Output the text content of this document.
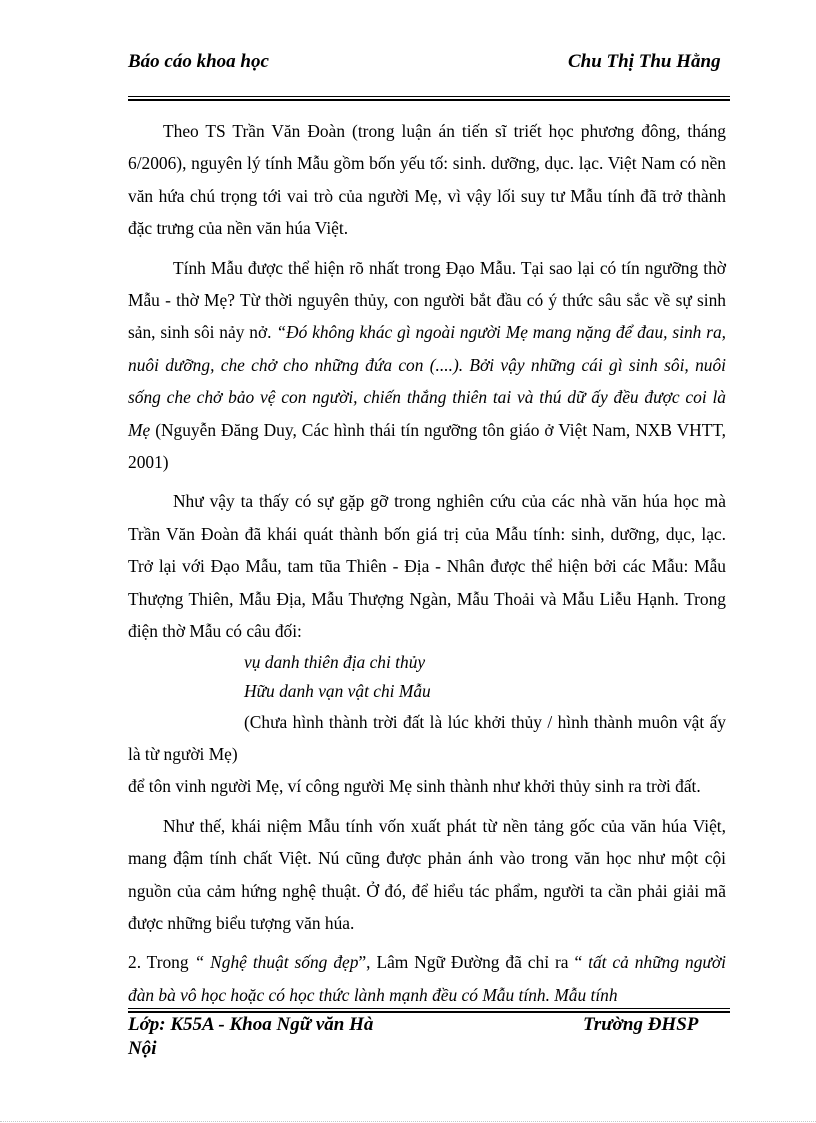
Báo cáo khoa học	Chu Thị Thu Hằng

Theo TS Trần Văn Đoàn (trong luận án tiến sĩ triết học phương đông, tháng 6/2006), nguyên lý tính Mẫu gồm bốn yếu tố: sinh. dưỡng, dục. lạc. Việt Nam có nền văn hứa chú trọng tới vai trò của người Mẹ, vì vậy lối suy tư Mẫu tính đã trở thành đặc trưng của nền văn húa Việt.

Tính Mẫu được thể hiện rõ nhất trong Đạo Mẫu. Tại sao lại có tín ngưỡng thờ Mẫu - thờ Mẹ? Từ thời nguyên thủy, con người bắt đầu có ý thức sâu sắc về sự sinh sản, sinh sôi nảy nở. “Đó không khác gì ngoài người Mẹ mang nặng để đau, sinh ra, nuôi dưỡng, che chở cho những đứa con (....). Bởi vậy những cái gì sinh sôi, nuôi sống che chở bảo vệ con người, chiến thắng thiên tai và thú dữ ấy đều được coi là Mẹ (Nguyễn Đăng Duy, Các hình thái tín ngưỡng tôn giáo ở Việt Nam, NXB VHTT, 2001)

Như vậy ta thấy có sự gặp gỡ trong nghiên cứu của các nhà văn húa học mà Trần Văn Đoàn đã khái quát thành bốn giá trị của Mẫu tính: sinh, dưỡng, dục, lạc. Trở lại với Đạo Mẫu, tam tũa Thiên - Địa - Nhân được thể hiện bởi các Mẫu: Mẫu Thượng Thiên, Mẫu Địa, Mẫu Thượng Ngàn, Mẫu Thoải và Mẫu Liễu Hạnh. Trong điện thờ Mẫu có câu đối:

vụ danh thiên địa chi thủy

Hữu danh vạn vật chi Mẫu

(Chưa hình thành trời đất là lúc khởi thủy / hình thành muôn vật ấy là từ người Mẹ)

để tôn vinh người Mẹ, ví công người Mẹ sinh thành như khởi thủy sinh ra trời đất.

Như thế, khái niệm Mẫu tính vốn xuất phát từ nền tảng gốc của văn húa Việt, mang đậm tính chất Việt. Nú cũng được phản ánh vào trong văn học như một cội nguồn của cảm hứng nghệ thuật. Ở đó, để hiểu tác phẩm, người ta cần phải giải mã được những biểu tượng văn húa.

2. Trong “ Nghệ thuật sống đẹp”, Lâm Ngữ Đường đã chỉ ra “ tất cả những người đàn bà vô học hoặc có học thức lành mạnh đều có Mẫu tính. Mẫu tính

Lớp: K55A - Khoa Ngữ văn Hà Nội
Trường ĐHSP
